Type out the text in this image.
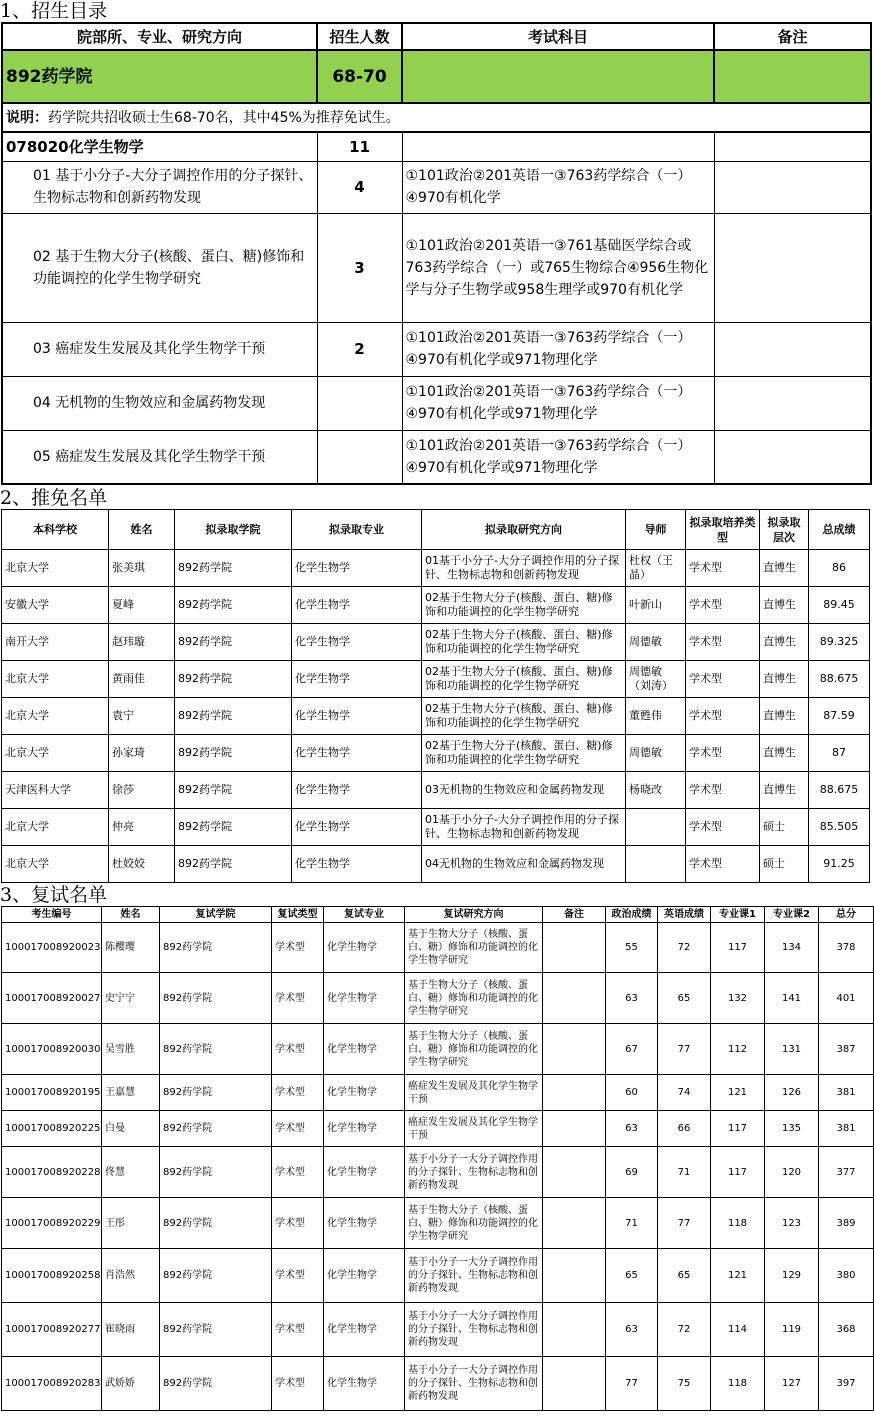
1、招生目录
院部所、专业、研究方向	招生人数	考试科目	备注
892药学院	68-70		
说明：药学院共招收硕士生68-70名，其中45%为推荐免试生。			
078020化学生物学	11		
01 基于小分子-大分子调控作用的分子探针、生物标志物和创新药物发现	4	①101政治②201英语一③763药学综合（一）④970有机化学	
02 基于生物大分子(核酸、蛋白、糖)修饰和功能调控的化学生物学研究	3	①101政治②201英语一③761基础医学综合或763药学综合（一）或765生物综合④956生物化学与分子生物学或958生理学或970有机化学	
03 癌症发生发展及其化学生物学干预	2	①101政治②201英语一③763药学综合（一）④970有机化学或971物理化学	
04 无机物的生物效应和金属药物发现		①101政治②201英语一③763药学综合（一）④970有机化学或971物理化学	
05 癌症发生发展及其化学生物学干预		①101政治②201英语一③763药学综合（一）④970有机化学或971物理化学	
2、推免名单
本科学校	姓名	拟录取学院	拟录取专业	拟录取研究方向	导师	拟录取培养类型	拟录取层次	总成绩
北京大学	张美琪	892药学院	化学生物学	01基于小分子-大分子调控作用的分子探针、生物标志物和创新药物发现	杜权（王晶）	学术型	直博生	86
安徽大学	夏峰	892药学院	化学生物学	02基于生物大分子(核酸、蛋白、糖)修饰和功能调控的化学生物学研究	叶新山	学术型	直博生	89.45
南开大学	赵玮璇	892药学院	化学生物学	02基于生物大分子(核酸、蛋白、糖)修饰和功能调控的化学生物学研究	周德敏	学术型	直博生	89.325
北京大学	黄雨佳	892药学院	化学生物学	02基于生物大分子(核酸、蛋白、糖)修饰和功能调控的化学生物学研究	周德敏（刘涛）	学术型	直博生	88.675
北京大学	袁宁	892药学院	化学生物学	02基于生物大分子(核酸、蛋白、糖)修饰和功能调控的化学生物学研究	董甦伟	学术型	直博生	87.59
北京大学	孙家琦	892药学院	化学生物学	02基于生物大分子(核酸、蛋白、糖)修饰和功能调控的化学生物学研究	周德敏	学术型	直博生	87
天津医科大学	徐莎	892药学院	化学生物学	03无机物的生物效应和金属药物发现	杨晓改	学术型	直博生	88.675
北京大学	仲亮	892药学院	化学生物学	01基于小分子-大分子调控作用的分子探针、生物标志物和创新药物发现		学术型	硕士	85.505
北京大学	杜姣姣	892药学院	化学生物学	04无机物的生物效应和金属药物发现		学术型	硕士	91.25
3、复试名单
考生编号	姓名	复试学院	复试类型	复试专业	复试研究方向	备注	政治成绩	英语成绩	专业课1	专业课2	总分
100017008920023	陈樱璎	892药学院	学术型	化学生物学	基于生物大分子（核酸、蛋白、糖）修饰和功能调控的化学生物学研究		55	72	117	134	378
100017008920027	史宁宁	892药学院	学术型	化学生物学	基于生物大分子（核酸、蛋白、糖）修饰和功能调控的化学生物学研究		63	65	132	141	401
100017008920030	吴雪胜	892药学院	学术型	化学生物学	基于生物大分子（核酸、蛋白、糖）修饰和功能调控的化学生物学研究		67	77	112	131	387
100017008920195	王嘉慧	892药学院	学术型	化学生物学	癌症发生发展及其化学生物学干预		60	74	121	126	381
100017008920225	白曼	892药学院	学术型	化学生物学	癌症发生发展及其化学生物学干预		63	66	117	135	381
100017008920228	佟慧	892药学院	学术型	化学生物学	基于小分子一大分子调控作用的分子探针、生物标志物和创新药物发现		69	71	117	120	377
100017008920229	王彤	892药学院	学术型	化学生物学	基于生物大分子（核酸、蛋白、糖）修饰和功能调控的化学生物学研究		71	77	118	123	389
100017008920258	肖浩然	892药学院	学术型	化学生物学	基于小分子一大分子调控作用的分子探针、生物标志物和创新药物发现		65	65	121	129	380
100017008920277	崔晓雨	892药学院	学术型	化学生物学	基于小分子一大分子调控作用的分子探针、生物标志物和创新药物发现		63	72	114	119	368
100017008920283	武娇娇	892药学院	学术型	化学生物学	基于小分子一大分子调控作用的分子探针、生物标志物和创新药物发现		77	75	118	127	397
